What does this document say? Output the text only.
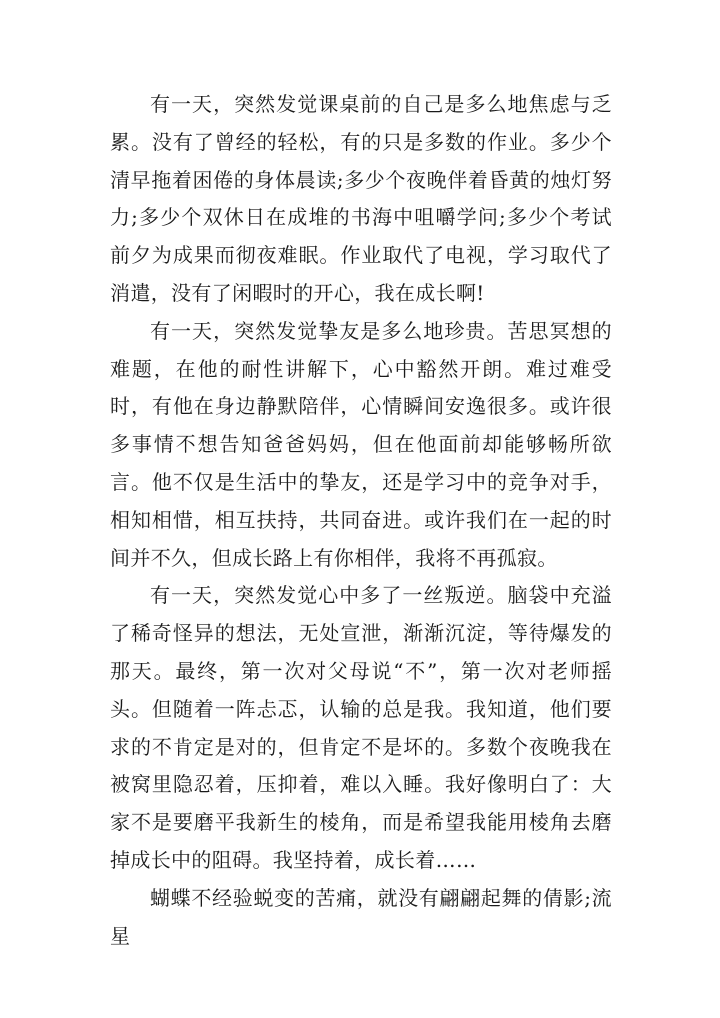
有一天，突然发觉课桌前的自己是多么地焦虑与乏累。没有了曾经的轻松，有的只是多数的作业。多少个清早拖着困倦的身体晨读;多少个夜晚伴着昏黄的烛灯努力;多少个双休日在成堆的书海中咀嚼学问;多少个考试前夕为成果而彻夜难眠。作业取代了电视，学习取代了消遣，没有了闲暇时的开心，我在成长啊!

有一天，突然发觉挚友是多么地珍贵。苦思冥想的难题，在他的耐性讲解下，心中豁然开朗。难过难受时，有他在身边静默陪伴，心情瞬间安逸很多。或许很多事情不想告知爸爸妈妈，但在他面前却能够畅所欲言。他不仅是生活中的挚友，还是学习中的竞争对手，相知相惜，相互扶持，共同奋进。或许我们在一起的时间并不久，但成长路上有你相伴，我将不再孤寂。

有一天，突然发觉心中多了一丝叛逆。脑袋中充溢了稀奇怪异的想法，无处宣泄，渐渐沉淀，等待爆发的那天。最终，第一次对父母说“不”，第一次对老师摇头。但随着一阵忐忑，认输的总是我。我知道，他们要求的不肯定是对的，但肯定不是坏的。多数个夜晚我在被窝里隐忍着，压抑着，难以入睡。我好像明白了：大家不是要磨平我新生的棱角，而是希望我能用棱角去磨掉成长中的阻碍。我坚持着，成长着……

蝴蝶不经验蜕变的苦痛，就没有翩翩起舞的倩影;流星
